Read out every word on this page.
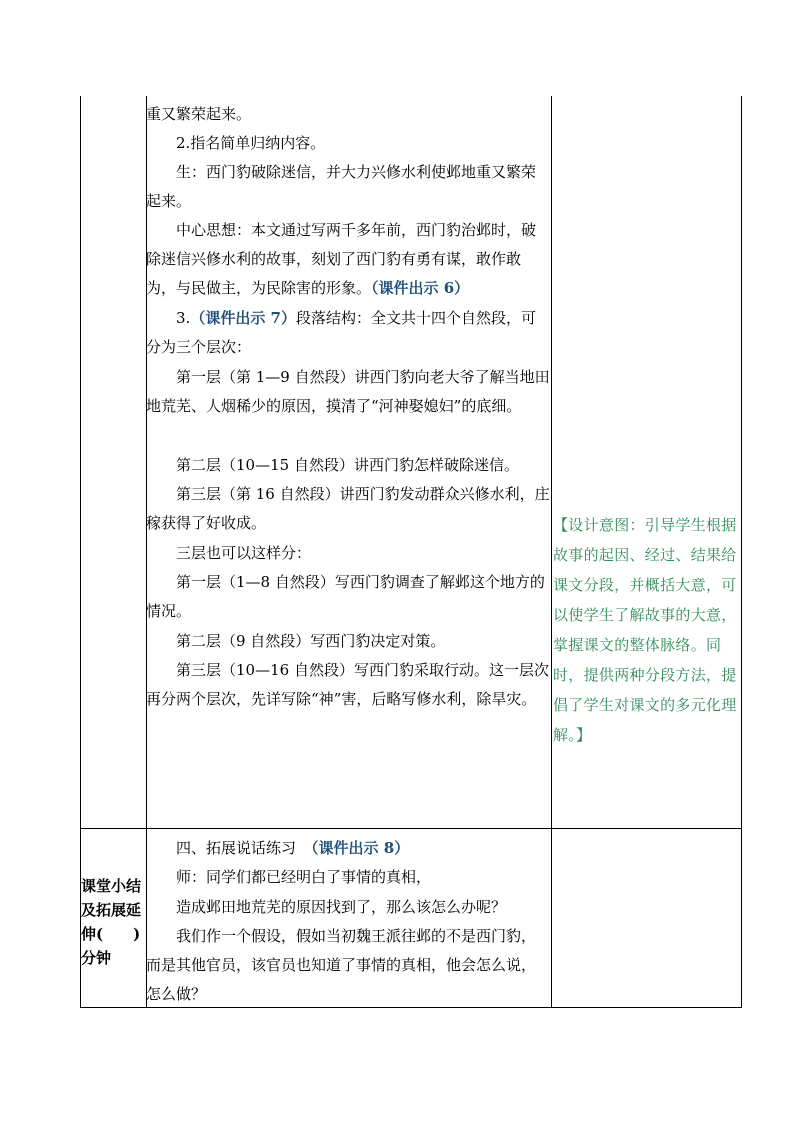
重又繁荣起来。

2.指名简单归纳内容。

生：西门豹破除迷信，并大力兴修水利使邺地重又繁荣起来。

中心思想：本文通过写两千多年前，西门豹治邺时，破除迷信兴修水利的故事，刻划了西门豹有勇有谋，敢作敢为，与民做主，为民除害的形象。（课件出示 6）

3.（课件出示 7）段落结构：全文共十四个自然段，可分为三个层次：

第一层（第 1—9 自然段）讲西门豹向老大爷了解当地田地荒芜、人烟稀少的原因，摸清了“河神娶媳妇”的底细。

第二层（10—15 自然段）讲西门豹怎样破除迷信。

第三层（第 16 自然段）讲西门豹发动群众兴修水利，庄稼获得了好收成。

三层也可以这样分：

第一层（1—8 自然段）写西门豹调查了解邺这个地方的情况。

第二层（9 自然段）写西门豹决定对策。

第三层（10—16 自然段）写西门豹采取行动。这一层次再分两个层次，先详写除“神”害，后略写修水利，除旱灾。

【设计意图：引导学生根据故事的起因、经过、结果给课文分段，并概括大意，可以使学生了解故事的大意，掌握课文的整体脉络。同时，提供两种分段方法，提倡了学生对课文的多元化理解。】

课堂小结
及拓展延
伸(　　)
分钟

四、拓展说话练习　 （课件出示 8）

师：同学们都已经明白了事情的真相，

造成邺田地荒芜的原因找到了，那么该怎么办呢？

我们作一个假设，假如当初魏王派往邺的不是西门豹，而是其他官员，该官员也知道了事情的真相，他会怎么说，怎么做？
